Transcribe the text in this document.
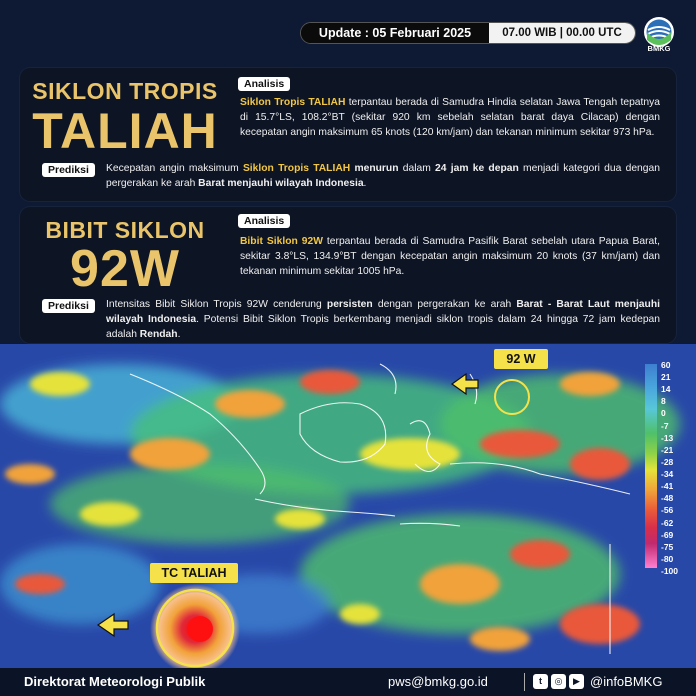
Update : 05 Februari 2025	07.00 WIB | 00.00 UTC
BMKG
SIKLON TROPIS
TALIAH
Analisis
Siklon Tropis TALIAH terpantau berada di Samudra Hindia selatan Jawa Tengah tepatnya di 15.7°LS, 108.2°BT (sekitar 920 km sebelah selatan barat daya Cilacap) dengan kecepatan angin maksimum 65 knots (120 km/jam) dan tekanan minimum sekitar 973 hPa.
Prediksi	Kecepatan angin maksimum Siklon Tropis TALIAH menurun dalam 24 jam ke depan menjadi kategori dua dengan pergerakan ke arah Barat menjauhi wilayah Indonesia.
BIBIT SIKLON
92W
Analisis
Bibit Siklon 92W terpantau berada di Samudra Pasifik Barat sebelah utara Papua Barat, sekitar 3.8°LS, 134.9°BT dengan kecepatan angin maksimum 20 knots (37 km/jam) dan tekanan minimum sekitar 1005 hPa.
Prediksi	Intensitas Bibit Siklon Tropis 92W cenderung persisten dengan pergerakan ke arah Barat - Barat Laut menjauhi wilayah Indonesia. Potensi Bibit Siklon Tropis berkembang menjadi siklon tropis dalam 24 hingga 72 jam kedepan adalah Rendah.
92 W
TC TALIAH
60
21
14
8
0
-7
-13
-21
-28
-34
-41
-48
-56
-62
-69
-75
-80
-100
Direktorat Meteorologi Publik	pws@bmkg.go.id	t	◎	▶ @infoBMKG
